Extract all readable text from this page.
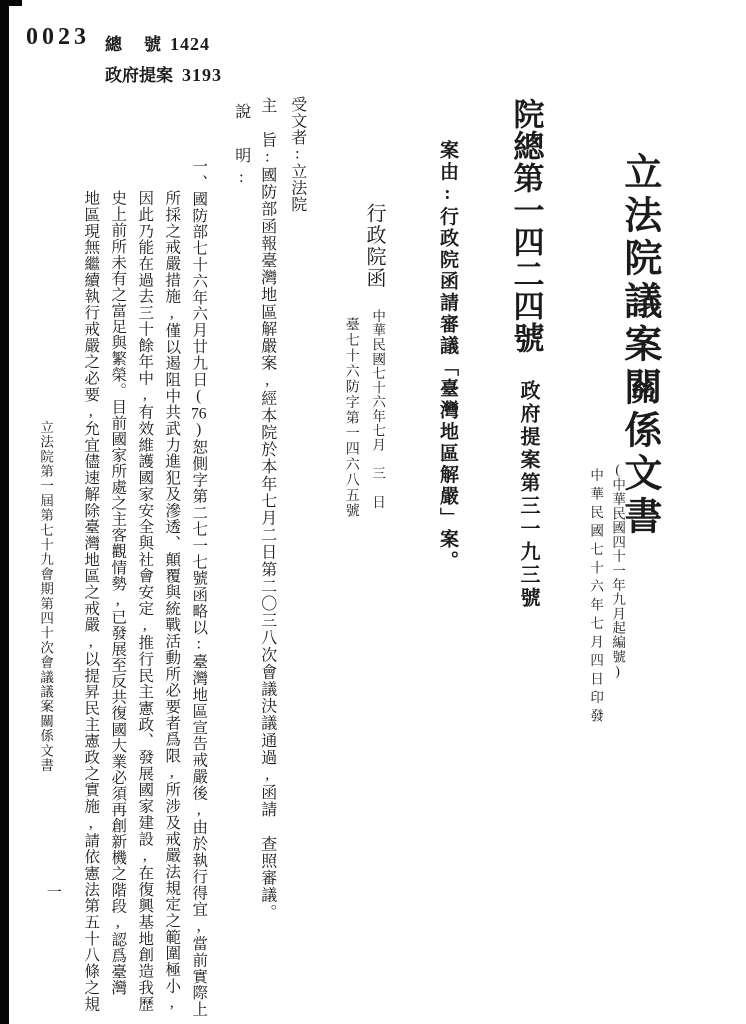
0023 總 號 1424
政府提案 3193
立法院議案關係文書
(中華民國四十一年九月起編號)
中華民國七十六年七月四日印發
院總第一四二四號
政府提案第三一九三號
案由:行政院函請審議「臺灣地區解嚴」案。
行政院函
中華民國七十六年七月　三　日
臺七十六防字第一四六八五號
受文者:立法院
主　旨:國防部函報臺灣地區解嚴案,經本院於本年七月二日第二〇三八次會議決議通過,函請　查照審議。
說　明:
一、國防部七十六年六月廿九日(76)恕側字第二七一七號函略以:臺灣地區宣告戒嚴後,由於執行得宜,當前實際上
所採之戒嚴措施,僅以遏阻中共武力進犯及滲透、顛覆與統戰活動所必要者爲限,所涉及戒嚴法規定之範圍極小,
因此乃能在過去三十餘年中,有效維護國家安全與社會安定,推行民主憲政、發展國家建設,在復興基地創造我歷
史上前所未有之富足與繁榮。目前國家所處之主客觀情勢,已發展至反共復國大業必須再創新機之階段,認爲臺灣
地區現無繼續執行戒嚴之必要,允宜儘速解除臺灣地區之戒嚴,以提昇民主憲政之實施,請依憲法第五十八條之規
立法院第一屆第七十九會期第四十次會議議案關係文書
一
